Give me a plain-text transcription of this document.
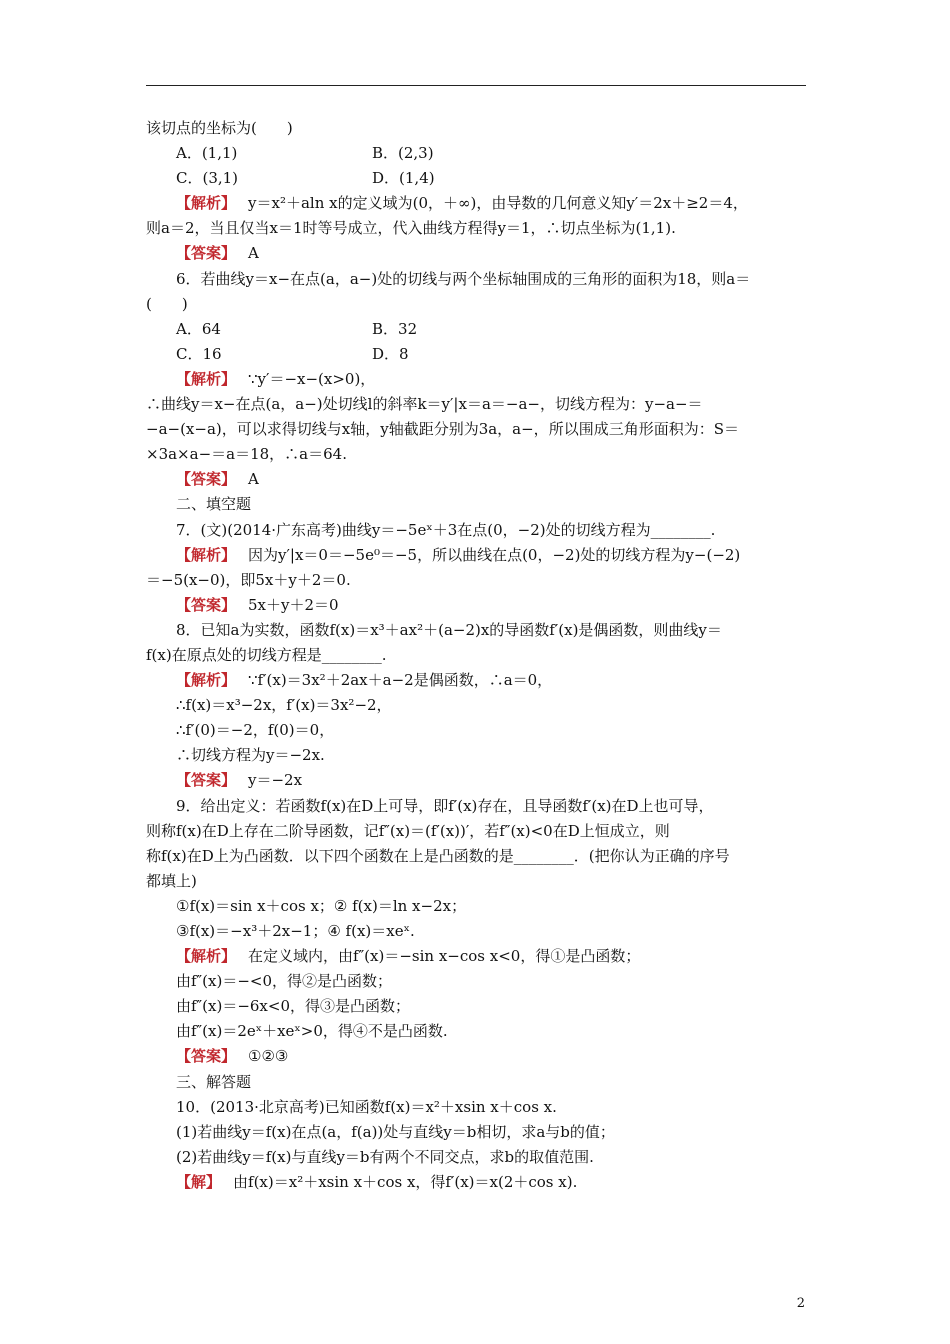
该切点的坐标为(　　)
A．(1,1)	B．(2,3)
C．(3,1)	D．(1,4)
【解析】 y＝x²＋aln x的定义域为(0，＋∞)，由导数的几何意义知y′＝2x＋≥2＝4，
则a＝2，当且仅当x＝1时等号成立，代入曲线方程得y＝1，∴切点坐标为(1,1).
【答案】 A
6．若曲线y＝x−在点(a，a−)处的切线与两个坐标轴围成的三角形的面积为18，则a＝
(　　)
A．64	B．32
C．16	D．8
【解析】 ∵y′＝−x−(x>0)，
∴曲线y＝x−在点(a，a−)处切线l的斜率k＝y′|x＝a＝−a−，切线方程为：y−a−＝
−a−(x−a)，可以求得切线与x轴，y轴截距分别为3a，a−，所以围成三角形面积为：S＝
×3a×a−＝a＝18，∴a＝64.
【答案】 A
二、填空题
7．(文)(2014·广东高考)曲线y＝−5eˣ＋3在点(0，−2)处的切线方程为________.
【解析】 因为y′|x＝0＝−5e⁰＝−5，所以曲线在点(0，−2)处的切线方程为y−(−2)
＝−5(x−0)，即5x＋y＋2＝0.
【答案】 5x＋y＋2＝0
8．已知a为实数，函数f(x)＝x³＋ax²＋(a−2)x的导函数f′(x)是偶函数，则曲线y＝
f(x)在原点处的切线方程是________.
【解析】 ∵f′(x)＝3x²＋2ax＋a−2是偶函数，∴a＝0，
∴f(x)＝x³−2x，f′(x)＝3x²−2，
∴f′(0)＝−2，f(0)＝0，
∴切线方程为y＝−2x.
【答案】 y＝−2x
9．给出定义：若函数f(x)在D上可导，即f′(x)存在，且导函数f′(x)在D上也可导，
则称f(x)在D上存在二阶导函数，记f″(x)＝(f′(x))′，若f″(x)<0在D上恒成立，则
称f(x)在D上为凸函数．以下四个函数在上是凸函数的是________．(把你认为正确的序号
都填上)
①f(x)＝sin x＋cos x；② f(x)＝ln x−2x；
③f(x)＝−x³＋2x−1；④ f(x)＝xeˣ.
【解析】 在定义域内，由f″(x)＝−sin x−cos x<0，得①是凸函数；
由f″(x)＝−<0，得②是凸函数；
由f″(x)＝−6x<0，得③是凸函数；
由f″(x)＝2eˣ＋xeˣ>0，得④不是凸函数.
【答案】 ①②③
三、解答题
10．(2013·北京高考)已知函数f(x)＝x²＋xsin x＋cos x.
(1)若曲线y＝f(x)在点(a，f(a))处与直线y＝b相切，求a与b的值；
(2)若曲线y＝f(x)与直线y＝b有两个不同交点，求b的取值范围.
【解】 由f(x)＝x²＋xsin x＋cos x，得f′(x)＝x(2＋cos x).
2
